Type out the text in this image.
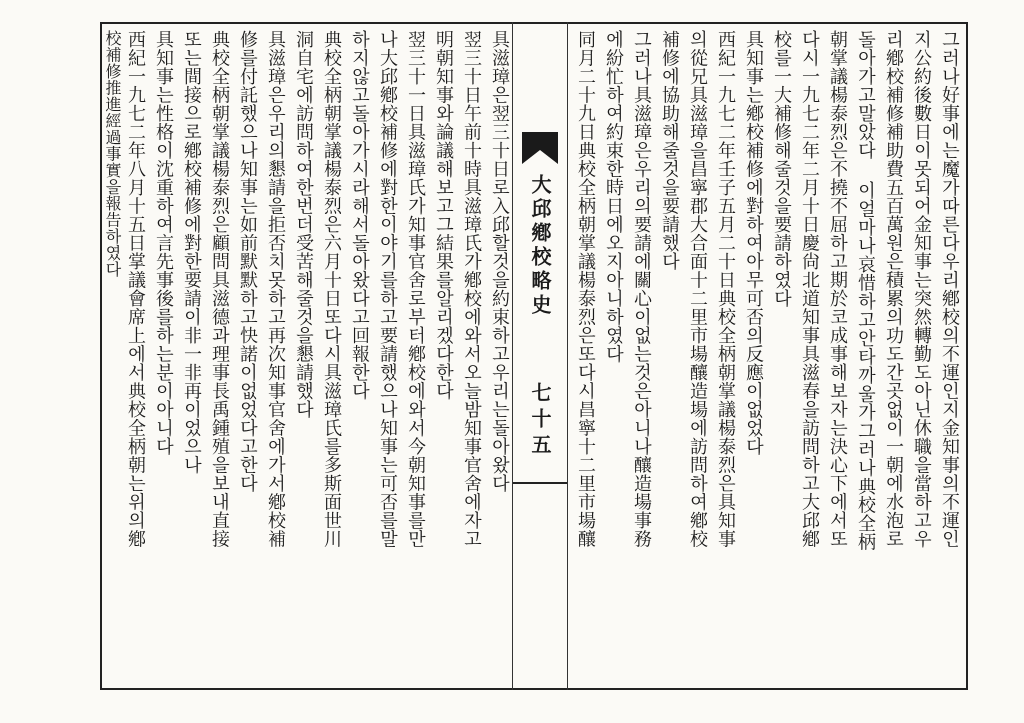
그러나好事에는魔가따른다우리鄕校의不運인지金知事의不運인
지公約後數日이못되어金知事는突然轉勤도아닌休職을當하고우
리鄕校補修補助費五百萬원은積累의功도간곳없이一朝에水泡로
돌아가고말았다 이얼마나哀惜하고안타까울가그러나典校全柄
朝掌議楊泰烈은不撓不屈하고期於코成事해보자는決心下에서또
다시一九七二年二月十日慶尙北道知事具滋春을訪問하고大邱鄕
校를一大補修해줄것을要請하였다
具知事는鄕校補修에對하여아무可否의反應이없었다
西紀一九七二年壬子五月二十日典校全柄朝掌議楊泰烈은具知事
의從兄具滋璋을昌寧郡大合面十二里市場釀造場에訪問하여鄕校
補修에協助해줄것을要請했다
그러나具滋璋은우리의要請에關心이없는것은아니나釀造場事務
에紛忙하여約束한時日에오지아니하였다
同月二十九日典校全柄朝掌議楊泰烈은또다시昌寧十二里市場釀
大邱鄕校略史
七十五
具滋璋은翌三十日로入邱할것을約束하고우리는돌아왔다
翌三十日午前十時具滋璋氏가鄕校에와서오늘밤知事官舍에자고
明朝知事와論議해보고그結果를알리겠다한다
翌三十一日具滋璋氏가知事官舍로부터鄕校에와서今朝知事를만
나大邱鄕校補修에對한이야기를하고要請했으나知事는可否를말
하지않고돌아가시라해서돌아왔다고回報한다
典校全柄朝掌議楊泰烈은六月十日또다시具滋璋氏를多斯面世川
洞自宅에訪問하여한번더受苦해줄것을懇請했다
具滋璋은우리의懇請을拒否치못하고再次知事官舍에가서鄕校補
修를付託했으나知事는如前默默하고快諾이없었다고한다
典校全柄朝掌議楊泰烈은顧問具滋德과理事長禹鍾殖을보내直接
또는間接으로鄕校補修에對한要請이非一非再이었으나
具知事는性格이沈重하여言先事後를하는분이아니다
西紀一九七二年八月十五日掌議會席上에서典校全柄朝는위의鄕
校補修推進經過事實을報告하였다
